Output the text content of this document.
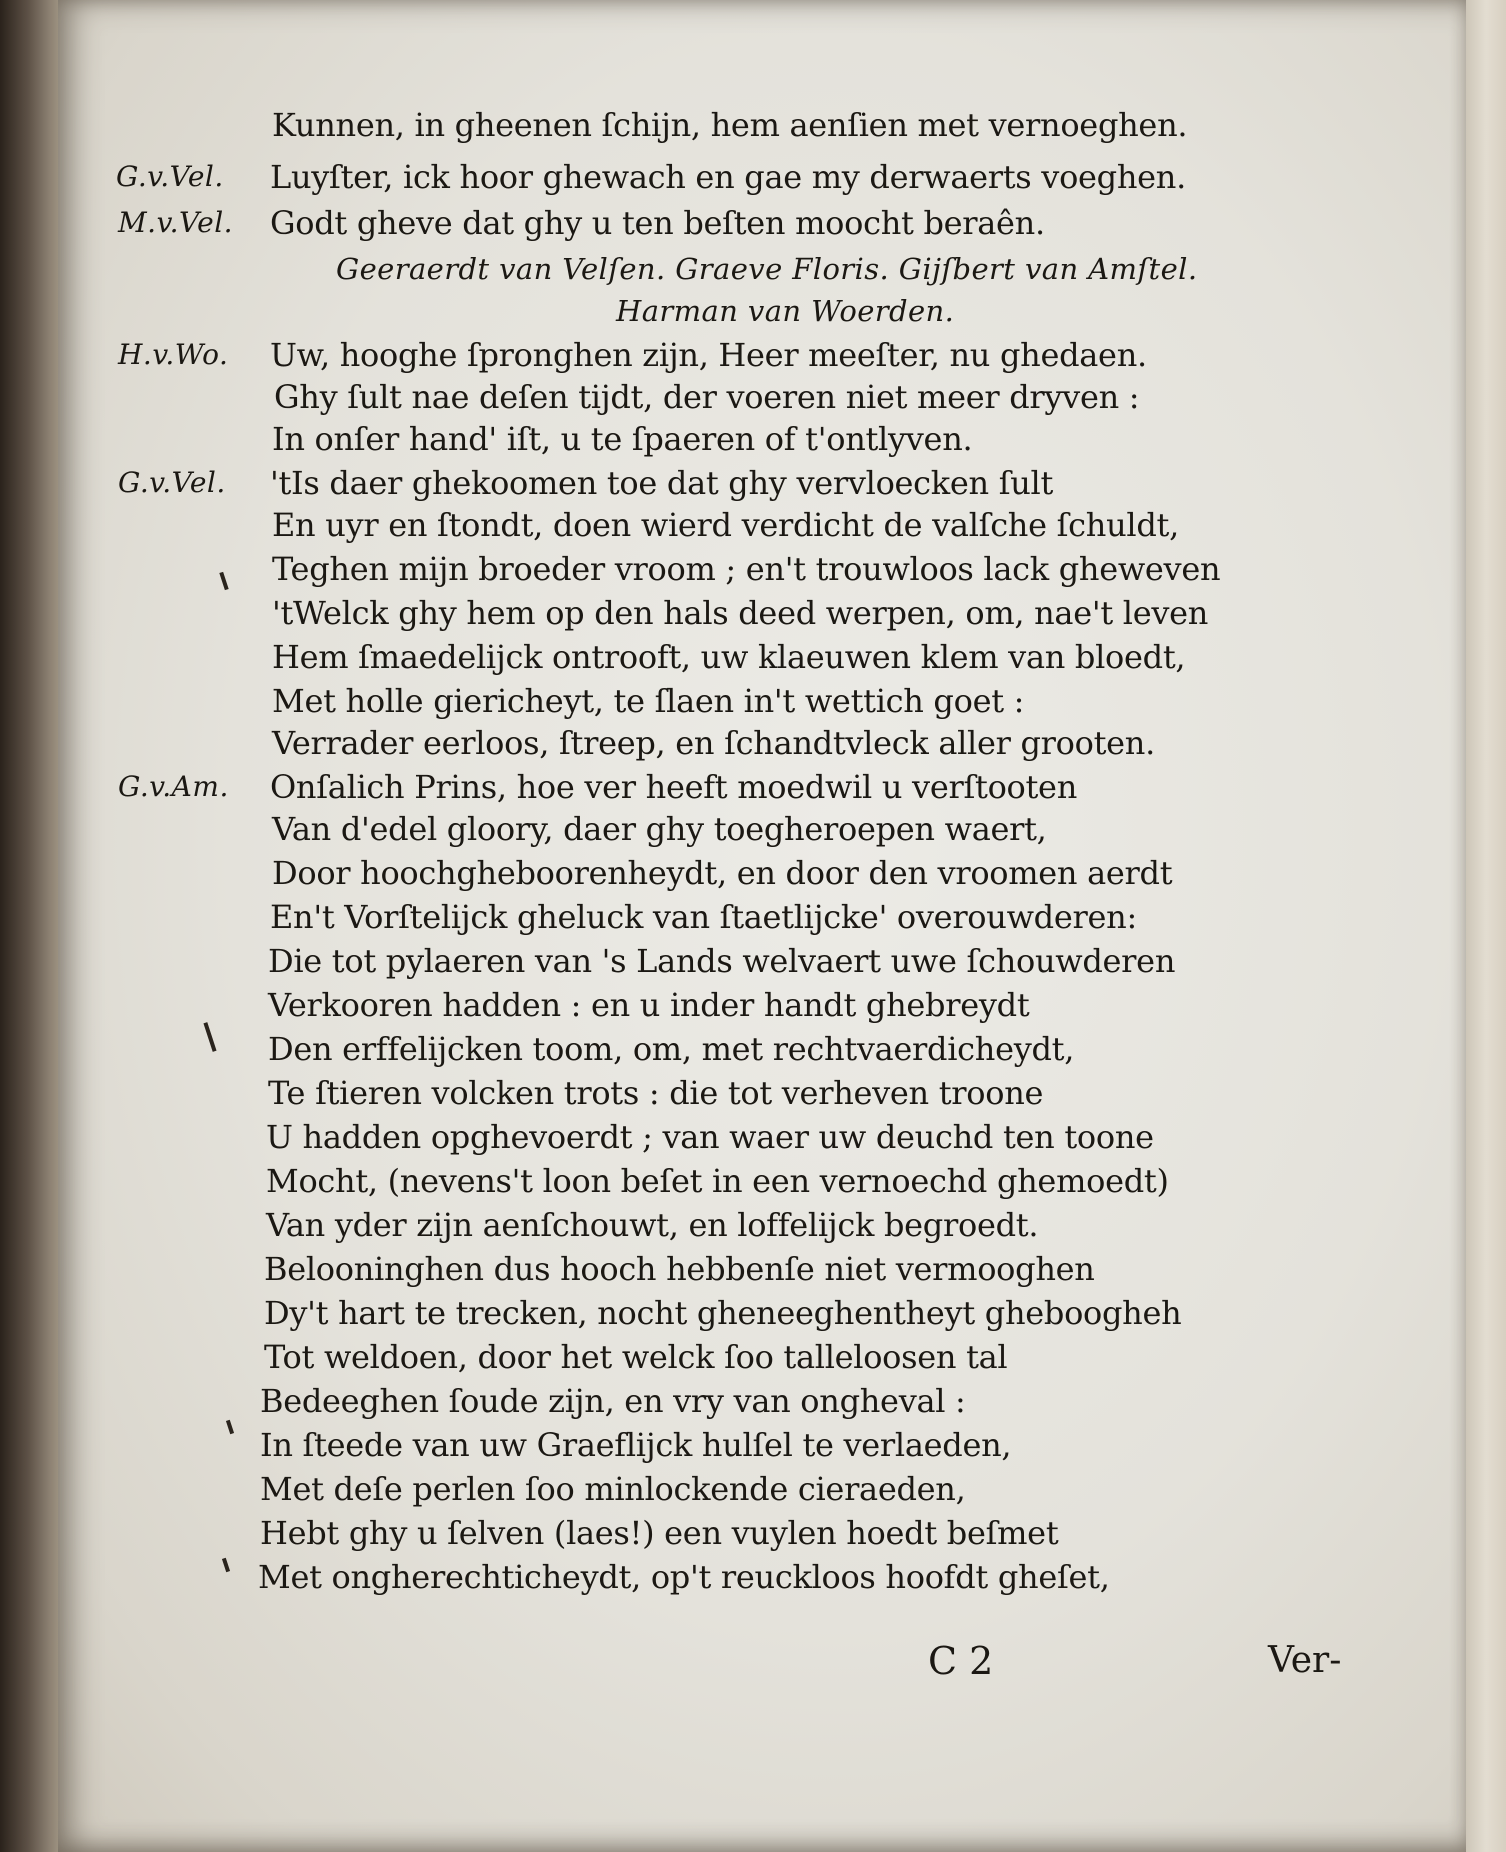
Kunnen, in gheenen ſchijn, hem aenſien met vernoeghen.
G.v.Vel.	Luyſter, ick hoor ghewach en gae my derwaerts voeghen.
M.v.Vel.	Godt gheve dat ghy u ten beſten moocht beraên.
Geeraerdt van Velſen. Graeve Floris. Gijſbert van Amſtel.
Harman van Woerden.
H.v.Wo.	Uw, hooghe ſpronghen zijn, Heer meeſter, nu ghedaen.
Ghy ſult nae deſen tijdt, der voeren niet meer dryven :
In onſer hand' iſt, u te ſpaeren of t'ontlyven.
G.v.Vel.	'tIs daer ghekoomen toe dat ghy vervloecken ſult
En uyr en ſtondt, doen wierd verdicht de valſche ſchuldt,
Teghen mijn broeder vroom ; en't trouwloos lack gheweven
'tWelck ghy hem op den hals deed werpen, om, nae't leven
Hem ſmaedelijck ontrooft, uw klaeuwen klem van bloedt,
Met holle giericheyt, te ſlaen in't wettich goet :
Verrader eerloos, ſtreep, en ſchandtvleck aller grooten.
G.v.Am.	Onſalich Prins, hoe ver heeft moedwil u verſtooten
Van d'edel gloory, daer ghy toegheroepen waert,
Door hoochgheboorenheydt, en door den vroomen aerdt
En't Vorſtelijck gheluck van ſtaetlijcke' overouwderen:
Die tot pylaeren van 's Lands welvaert uwe ſchouwderen
Verkooren hadden : en u inder handt ghebreydt
Den erffelijcken toom, om, met rechtvaerdicheydt,
Te ſtieren volcken trots : die tot verheven troone
U hadden opghevoerdt ; van waer uw deuchd ten toone
Mocht, (nevens't loon beſet in een vernoechd ghemoedt)
Van yder zijn aenſchouwt, en loffelijck begroedt.
Belooninghen dus hooch hebbenſe niet vermooghen
Dy't hart te trecken, nocht gheneeghentheyt gheboogheh
Tot weldoen, door het welck ſoo talleloosen tal
Bedeeghen ſoude zijn, en vry van ongheval :
In ſteede van uw Graeflijck hulſel te verlaeden,
Met deſe perlen ſoo minlockende cieraeden,
Hebt ghy u ſelven (laes!) een vuylen hoedt beſmet
Met ongherechticheydt, op't reuckloos hoofdt gheſet,
C 2	Ver-
